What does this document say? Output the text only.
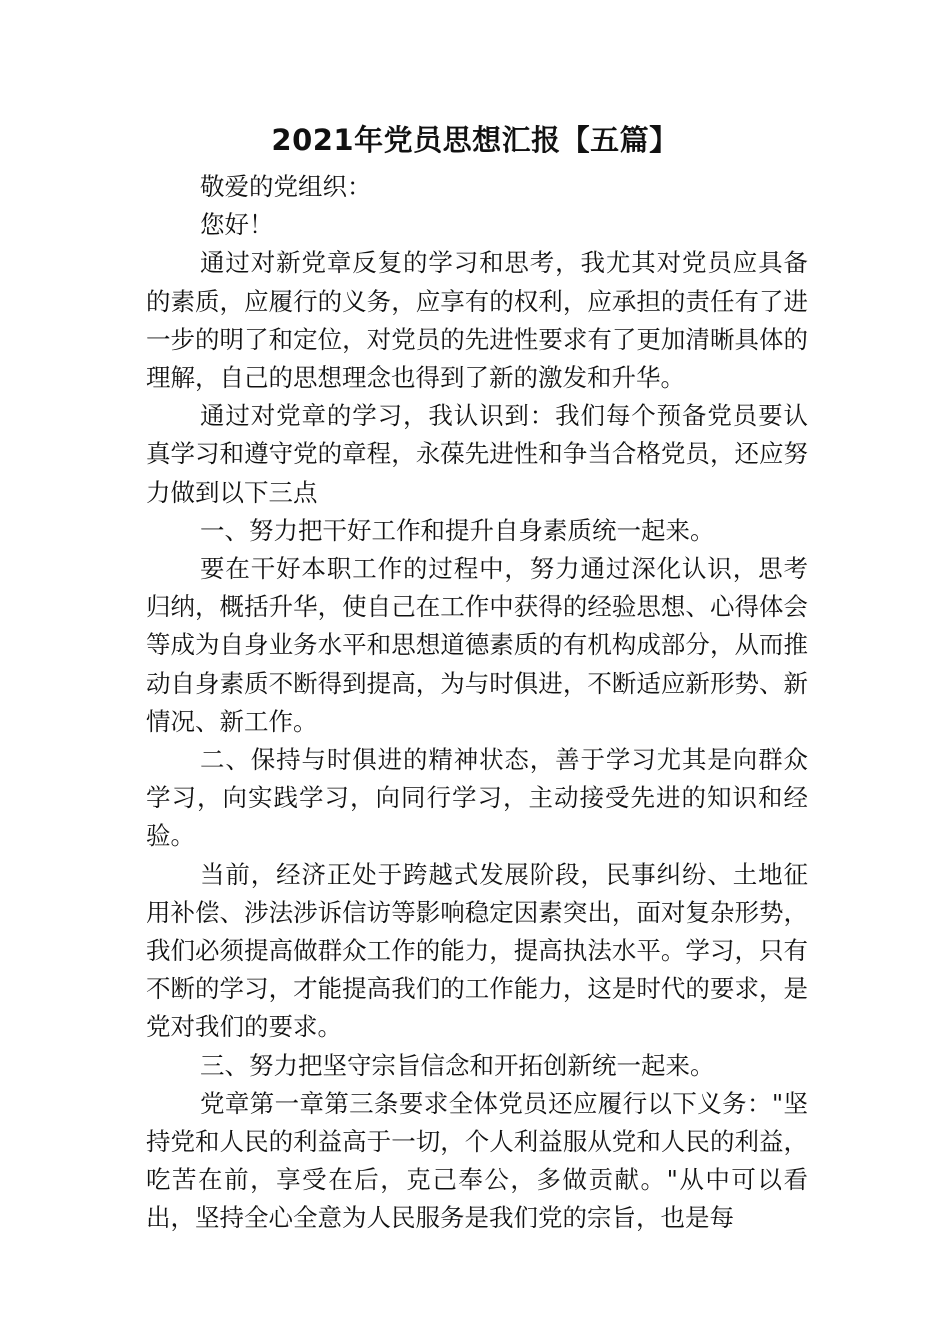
2021年党员思想汇报【五篇】

敬爱的党组织：

您好！

通过对新党章反复的学习和思考，我尤其对党员应具备的素质，应履行的义务，应享有的权利，应承担的责任有了进一步的明了和定位，对党员的先进性要求有了更加清晰具体的理解，自己的思想理念也得到了新的激发和升华。

通过对党章的学习，我认识到：我们每个预备党员要认真学习和遵守党的章程，永葆先进性和争当合格党员，还应努力做到以下三点

一、努力把干好工作和提升自身素质统一起来。

要在干好本职工作的过程中，努力通过深化认识，思考归纳，概括升华，使自己在工作中获得的经验思想、心得体会等成为自身业务水平和思想道德素质的有机构成部分，从而推动自身素质不断得到提高，为与时俱进，不断适应新形势、新情况、新工作。

二、保持与时俱进的精神状态，善于学习尤其是向群众学习，向实践学习，向同行学习，主动接受先进的知识和经验。

当前，经济正处于跨越式发展阶段，民事纠纷、土地征用补偿、涉法涉诉信访等影响稳定因素突出，面对复杂形势，我们必须提高做群众工作的能力，提高执法水平。学习，只有不断的学习，才能提高我们的工作能力，这是时代的要求，是党对我们的要求。

三、努力把坚守宗旨信念和开拓创新统一起来。

党章第一章第三条要求全体党员还应履行以下义务："坚持党和人民的利益高于一切，个人利益服从党和人民的利益，吃苦在前，享受在后，克己奉公，多做贡献。"从中可以看出，坚持全心全意为人民服务是我们党的宗旨，也是每
